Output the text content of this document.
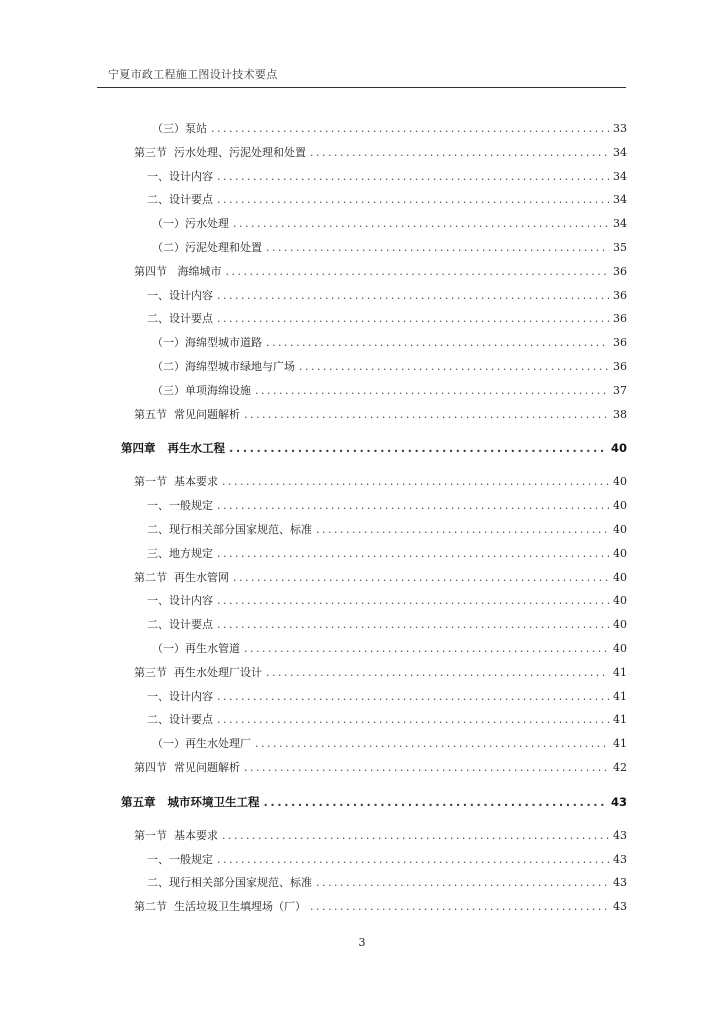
宁夏市政工程施工图设计技术要点
（三）泵站 .....	33
第三节  污水处理、污泥处理和处置 .....	34
一、设计内容 .....	34
二、设计要点 .....	34
（一）污水处理 .....	34
（二）污泥处理和处置 .....	35
第四节   海绵城市 .....	36
一、设计内容 .....	36
二、设计要点 .....	36
（一）海绵型城市道路 .....	36
（二）海绵型城市绿地与广场 .....	36
（三）单项海绵设施 .....	37
第五节  常见问题解析 .....	38
第四章   再生水工程 .....	40
第一节  基本要求 .....	40
一、一般规定 .....	40
二、现行相关部分国家规范、标准 .....	40
三、地方规定 .....	40
第二节  再生水管网 .....	40
一、设计内容 .....	40
二、设计要点 .....	40
（一）再生水管道 .....	40
第三节  再生水处理厂设计 .....	41
一、设计内容 .....	41
二、设计要点 .....	41
（一）再生水处理厂 .....	41
第四节  常见问题解析 .....	42
第五章   城市环境卫生工程 .....	43
第一节  基本要求 .....	43
一、一般规定 .....	43
二、现行相关部分国家规范、标准 .....	43
第二节  生活垃圾卫生填埋场（厂） .....	43
3
